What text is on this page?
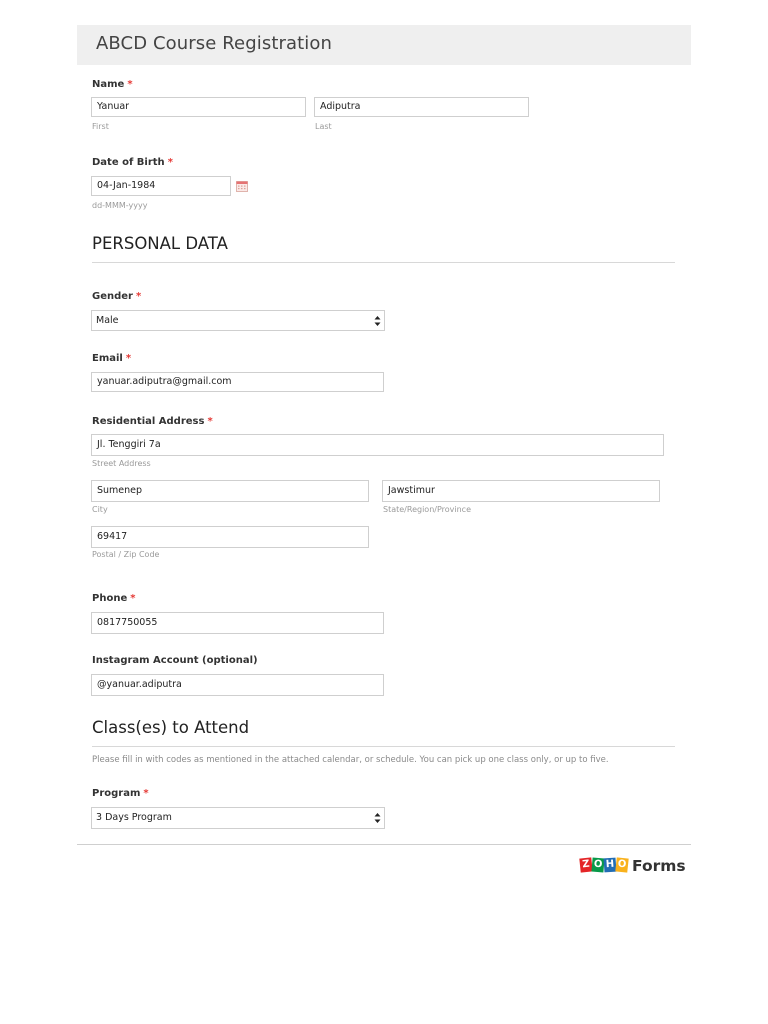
ABCD Course Registration
Name *
Yanuar
First
Adiputra
Last
Date of Birth *
04-Jan-1984
dd-MMM-yyyy
PERSONAL DATA
Gender *
Male
Email *
yanuar.adiputra@gmail.com
Residential Address *
Jl. Tenggiri 7a
Street Address
Sumenep
City
Jawstimur
State/Region/Province
69417
Postal / Zip Code
Phone *
0817750055
Instagram Account (optional)
@yanuar.adiputra
Class(es) to Attend
Please fill in with codes as mentioned in the attached calendar, or schedule. You can pick up one class only, or up to five.
Program *
3 Days Program
Z O H O Forms
